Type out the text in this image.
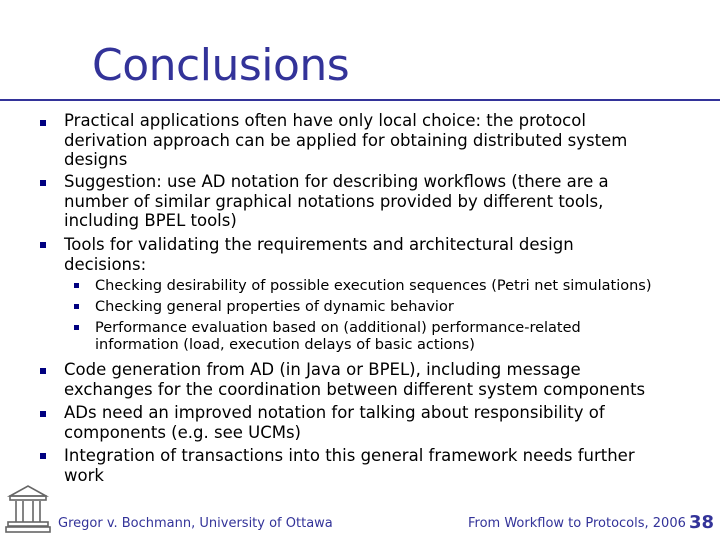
Conclusions
Practical applications often have only local choice: the protocol
derivation approach can be applied for obtaining distributed system
designs
Suggestion: use AD notation for describing workflows (there are a
number of similar graphical notations provided by different tools,
including BPEL tools)
Tools for validating the requirements and architectural design
decisions:
Checking desirability of possible execution sequences (Petri net simulations)
Checking general properties of dynamic behavior
Performance evaluation based on (additional) performance-related
information (load, execution delays of basic actions)
Code generation from AD (in Java or BPEL), including message
exchanges for the coordination between different system components
ADs need an improved notation for talking about responsibility of
components (e.g. see UCMs)
Integration of transactions into this general framework needs further
work
Gregor v. Bochmann, University of Ottawa	From Workflow to Protocols, 2006 38
